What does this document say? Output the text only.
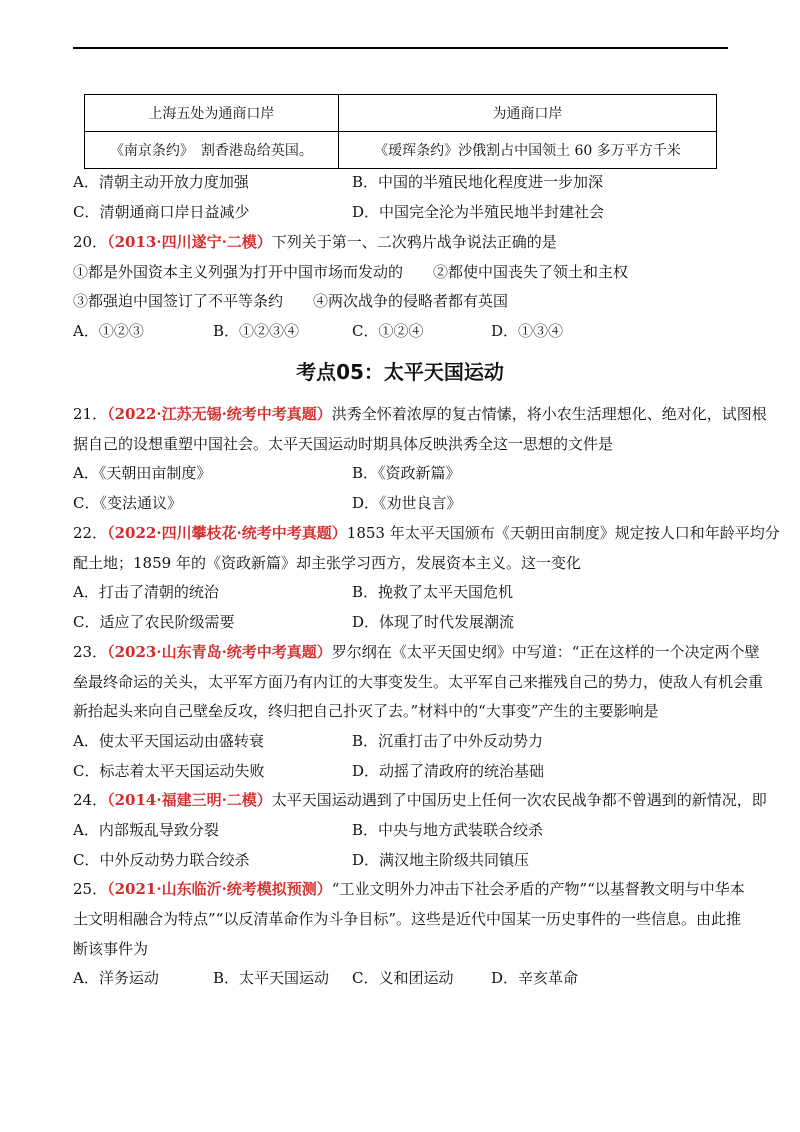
上海五处为通商口岸	为通商口岸
《南京条约》　割香港岛给英国。	《瑷珲条约》沙俄割占中国领土 60 多万平方千米
A．清朝主动开放力度加强	B．中国的半殖民地化程度进一步加深
C．清朝通商口岸日益减少	D．中国完全沦为半殖民地半封建社会
20．（2013·四川遂宁·二模）下列关于第一、二次鸦片战争说法正确的是
①都是外国资本主义列强为打开中国市场而发动的　　②都使中国丧失了领土和主权
③都强迫中国签订了不平等条约　　④两次战争的侵略者都有英国
A．①②③	B．①②③④	C．①②④	D．①③④
考点05：太平天国运动
21．（2022·江苏无锡·统考中考真题）洪秀全怀着浓厚的复古情愫，将小农生活理想化、绝对化，试图根
据自己的设想重塑中国社会。太平天国运动时期具体反映洪秀全这一思想的文件是
A．《天朝田亩制度》	B．《资政新篇》
C．《变法通议》	D．《劝世良言》
22．（2022·四川攀枝花·统考中考真题）1853 年太平天国颁布《天朝田亩制度》规定按人口和年龄平均分
配土地；1859 年的《资政新篇》却主张学习西方，发展资本主义。这一变化
A．打击了清朝的统治	B．挽救了太平天国危机
C．适应了农民阶级需要	D．体现了时代发展潮流
23．（2023·山东青岛·统考中考真题）罗尔纲在《太平天国史纲》中写道：“正在这样的一个决定两个壁
垒最终命运的关头，太平军方面乃有内讧的大事变发生。太平军自己来摧残自己的势力，使敌人有机会重
新抬起头来向自己壁垒反攻，终归把自己扑灭了去。”材料中的“大事变”产生的主要影响是
A．使太平天国运动由盛转衰	B．沉重打击了中外反动势力
C．标志着太平天国运动失败	D．动摇了清政府的统治基础
24．（2014·福建三明·二模）太平天国运动遇到了中国历史上任何一次农民战争都不曾遇到的新情况，即
A．内部叛乱导致分裂	B．中央与地方武装联合绞杀
C．中外反动势力联合绞杀	D．满汉地主阶级共同镇压
25．（2021·山东临沂·统考模拟预测）“工业文明外力冲击下社会矛盾的产物”“以基督教文明与中华本
土文明相融合为特点”“以反清革命作为斗争目标”。这些是近代中国某一历史事件的一些信息。由此推
断该事件为
A．洋务运动	B．太平天国运动 C．义和团运动	D．辛亥革命
